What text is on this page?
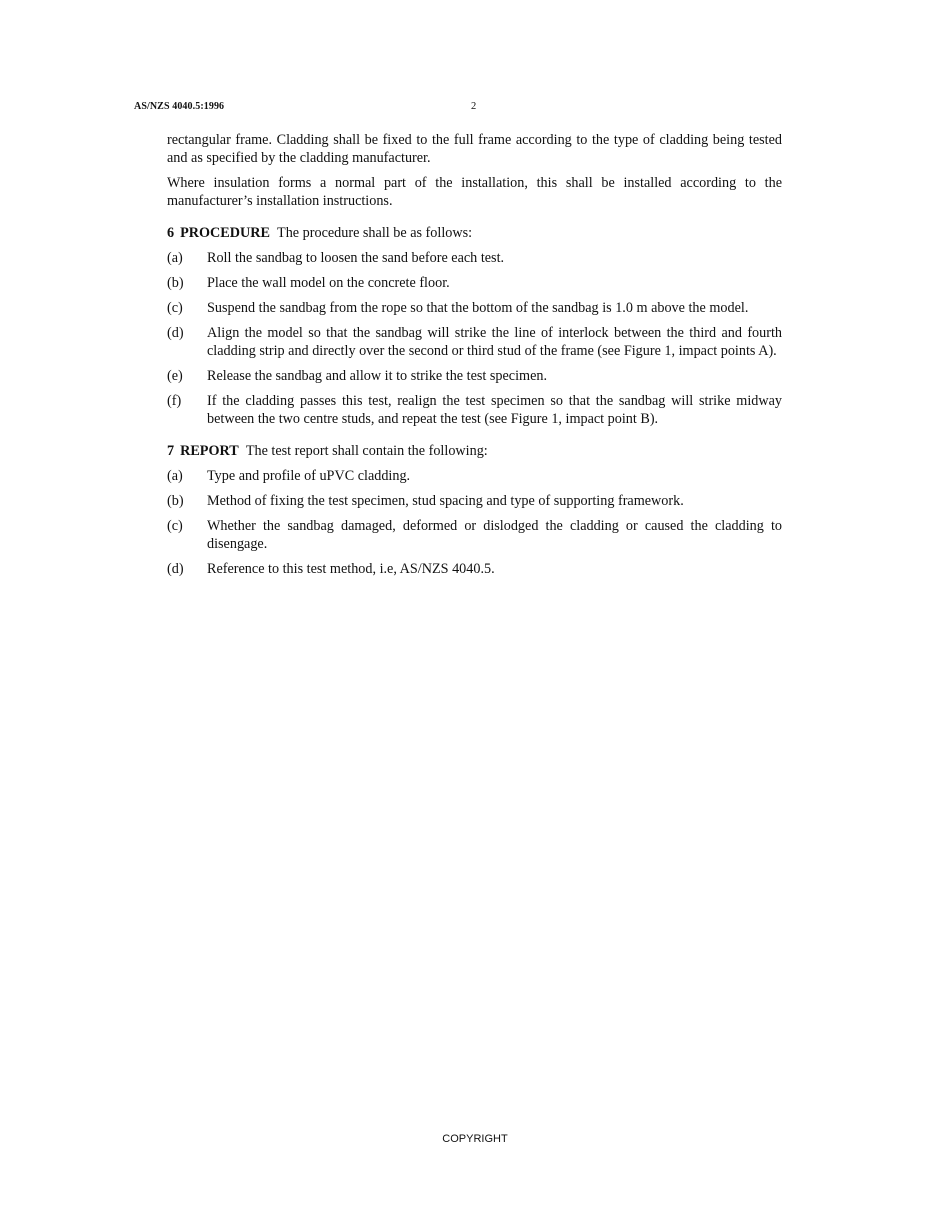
AS/NZS 4040.5:1996	2

rectangular frame. Cladding shall be fixed to the full frame according to the type of cladding being tested and as specified by the cladding manufacturer.

Where insulation forms a normal part of the installation, this shall be installed according to the manufacturer’s installation instructions.

6 PROCEDURE The procedure shall be as follows:
(a)	Roll the sandbag to loosen the sand before each test.
(b)	Place the wall model on the concrete floor.
(c)	Suspend the sandbag from the rope so that the bottom of the sandbag is 1.0 m above the model.
(d)	Align the model so that the sandbag will strike the line of interlock between the third and fourth cladding strip and directly over the second or third stud of the frame (see Figure 1, impact points A).
(e)	Release the sandbag and allow it to strike the test specimen.
(f)	If the cladding passes this test, realign the test specimen so that the sandbag will strike midway between the two centre studs, and repeat the test (see Figure 1, impact point B).
7 REPORT The test report shall contain the following:
(a)	Type and profile of uPVC cladding.
(b)	Method of fixing the test specimen, stud spacing and type of supporting framework.
(c)	Whether the sandbag damaged, deformed or dislodged the cladding or caused the cladding to disengage.
(d)	Reference to this test method, i.e, AS/NZS 4040.5.
COPYRIGHT
